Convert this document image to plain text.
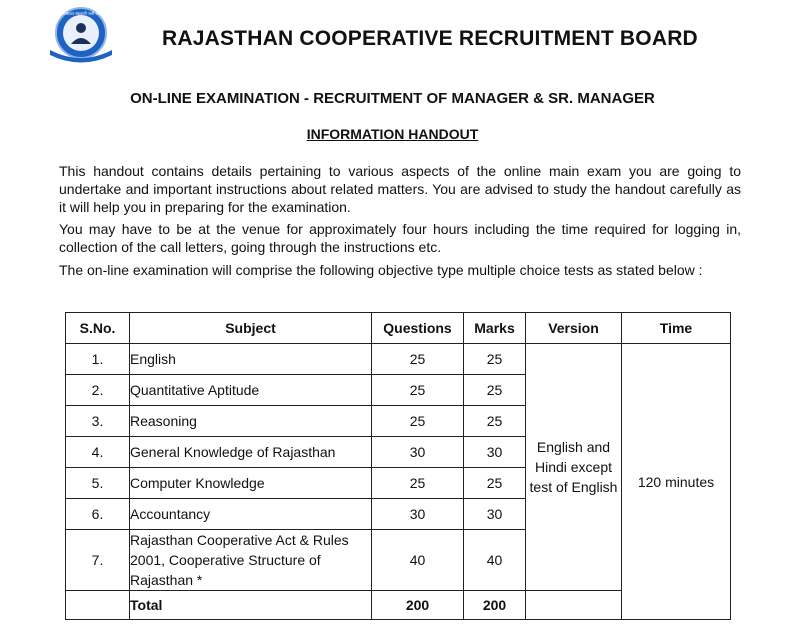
राजस्थान सहकारी भर्ती बोर्ड
RAJASTHAN COOPERATIVE RECRUITMENT BOARD
ON-LINE EXAMINATION - RECRUITMENT OF MANAGER & SR. MANAGER
INFORMATION HANDOUT

This handout contains details pertaining to various aspects of the online main exam you are going to undertake and important instructions about related matters. You are advised to study the handout carefully as it will help you in preparing for the examination.

You may have to be at the venue for approximately four hours including the time required for logging in, collection of the call letters, going through the instructions etc.

The on-line examination will comprise the following objective type multiple choice tests as stated below :

S.No.	Subject	Questions	Marks	Version	Time
1.	English	25	25	English and Hindi except test of English	120 minutes
2.	Quantitative Aptitude	25	25		
3.	Reasoning	25	25		
4.	General Knowledge of Rajasthan	30	30		
5.	Computer Knowledge	25	25		
6.	Accountancy	30	30		
7.	Rajasthan Cooperative Act & Rules 2001, Cooperative Structure of Rajasthan *	40	40		
	Total	200	200		
